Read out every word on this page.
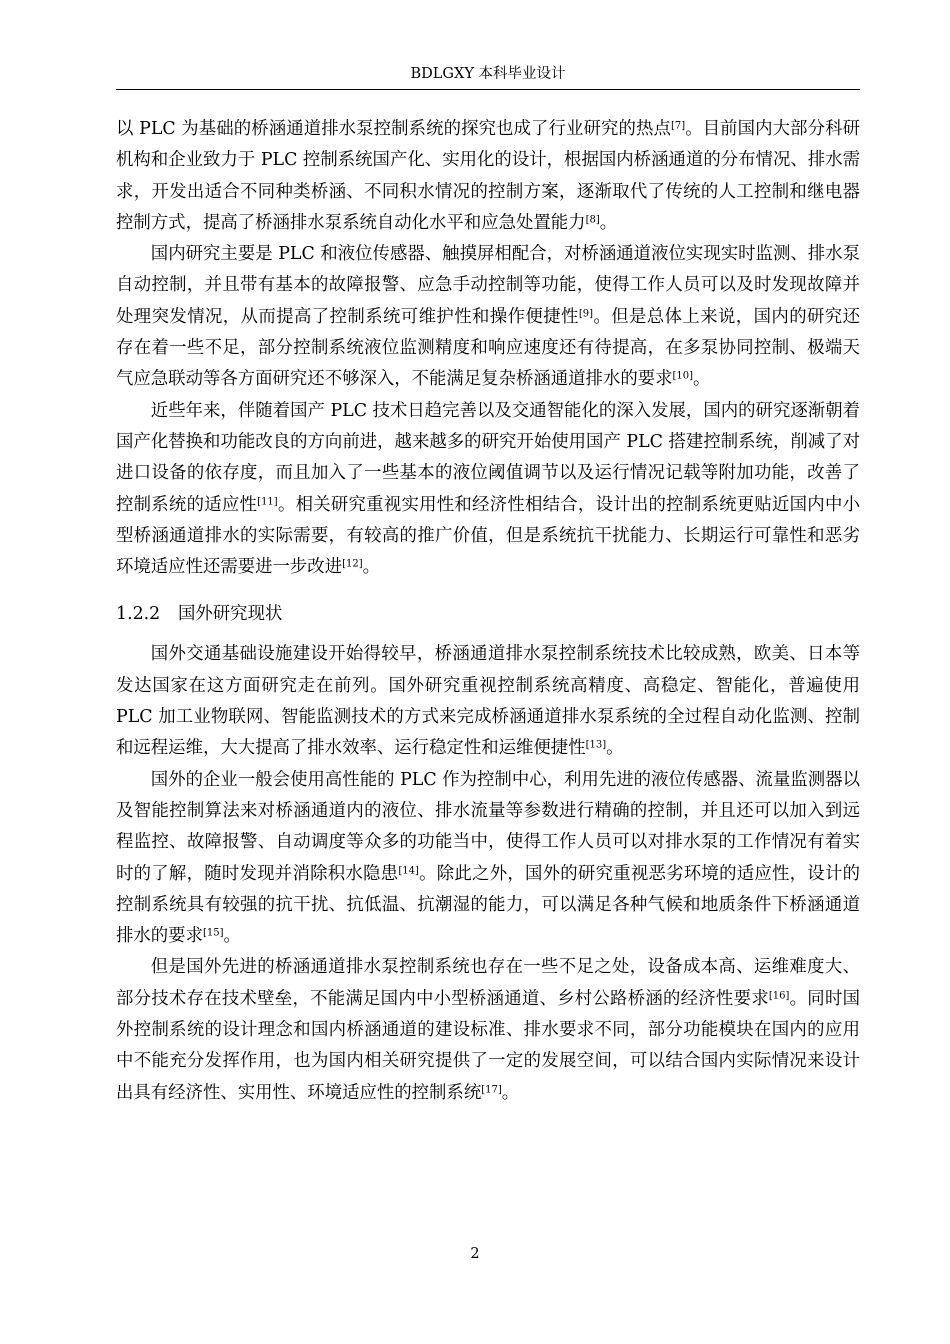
BDLGXY 本科毕业设计

以 PLC 为基础的桥涵通道排水泵控制系统的探究也成了行业研究的热点[7]。目前国内大部分科研机构和企业致力于 PLC 控制系统国产化、实用化的设计，根据国内桥涵通道的分布情况、排水需求，开发出适合不同种类桥涵、不同积水情况的控制方案，逐渐取代了传统的人工控制和继电器控制方式，提高了桥涵排水泵系统自动化水平和应急处置能力[8]。

国内研究主要是 PLC 和液位传感器、触摸屏相配合，对桥涵通道液位实现实时监测、排水泵自动控制，并且带有基本的故障报警、应急手动控制等功能，使得工作人员可以及时发现故障并处理突发情况，从而提高了控制系统可维护性和操作便捷性[9]。但是总体上来说，国内的研究还存在着一些不足，部分控制系统液位监测精度和响应速度还有待提高，在多泵协同控制、极端天气应急联动等各方面研究还不够深入，不能满足复杂桥涵通道排水的要求[10]。

近些年来，伴随着国产 PLC 技术日趋完善以及交通智能化的深入发展，国内的研究逐渐朝着国产化替换和功能改良的方向前进，越来越多的研究开始使用国产 PLC 搭建控制系统，削减了对进口设备的依存度，而且加入了一些基本的液位阈值调节以及运行情况记载等附加功能，改善了控制系统的适应性[11]。相关研究重视实用性和经济性相结合，设计出的控制系统更贴近国内中小型桥涵通道排水的实际需要，有较高的推广价值，但是系统抗干扰能力、长期运行可靠性和恶劣环境适应性还需要进一步改进[12]。

1.2.2 国外研究现状

国外交通基础设施建设开始得较早，桥涵通道排水泵控制系统技术比较成熟，欧美、日本等发达国家在这方面研究走在前列。国外研究重视控制系统高精度、高稳定、智能化，普遍使用 PLC 加工业物联网、智能监测技术的方式来完成桥涵通道排水泵系统的全过程自动化监测、控制和远程运维，大大提高了排水效率、运行稳定性和运维便捷性[13]。

国外的企业一般会使用高性能的 PLC 作为控制中心，利用先进的液位传感器、流量监测器以及智能控制算法来对桥涵通道内的液位、排水流量等参数进行精确的控制，并且还可以加入到远程监控、故障报警、自动调度等众多的功能当中，使得工作人员可以对排水泵的工作情况有着实时的了解，随时发现并消除积水隐患[14]。除此之外，国外的研究重视恶劣环境的适应性，设计的控制系统具有较强的抗干扰、抗低温、抗潮湿的能力，可以满足各种气候和地质条件下桥涵通道排水的要求[15]。

但是国外先进的桥涵通道排水泵控制系统也存在一些不足之处，设备成本高、运维难度大、部分技术存在技术壁垒，不能满足国内中小型桥涵通道、乡村公路桥涵的经济性要求[16]。同时国外控制系统的设计理念和国内桥涵通道的建设标准、排水要求不同，部分功能模块在国内的应用中不能充分发挥作用，也为国内相关研究提供了一定的发展空间，可以结合国内实际情况来设计出具有经济性、实用性、环境适应性的控制系统[17]。

2
